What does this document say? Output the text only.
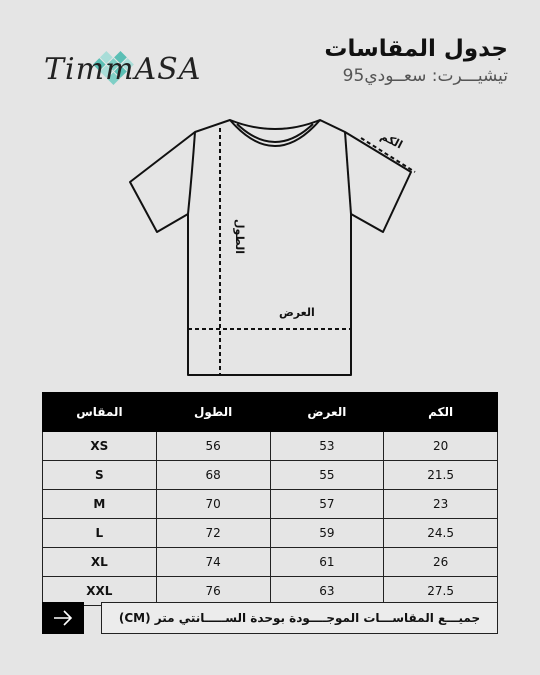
TimmASA
جدول المقاسات
تيشيـــرت: سعــودي95
الكم
الطول
العرض
المقاس	الطول	العرض	الكم
XS	56	53	20
S	68	55	21.5
M	70	57	23
L	72	59	24.5
XL	74	61	26
XXL	76	63	27.5
جميـــع المقاســـات الموجــــودة بوحدة الســـــانتي متر (CM)
